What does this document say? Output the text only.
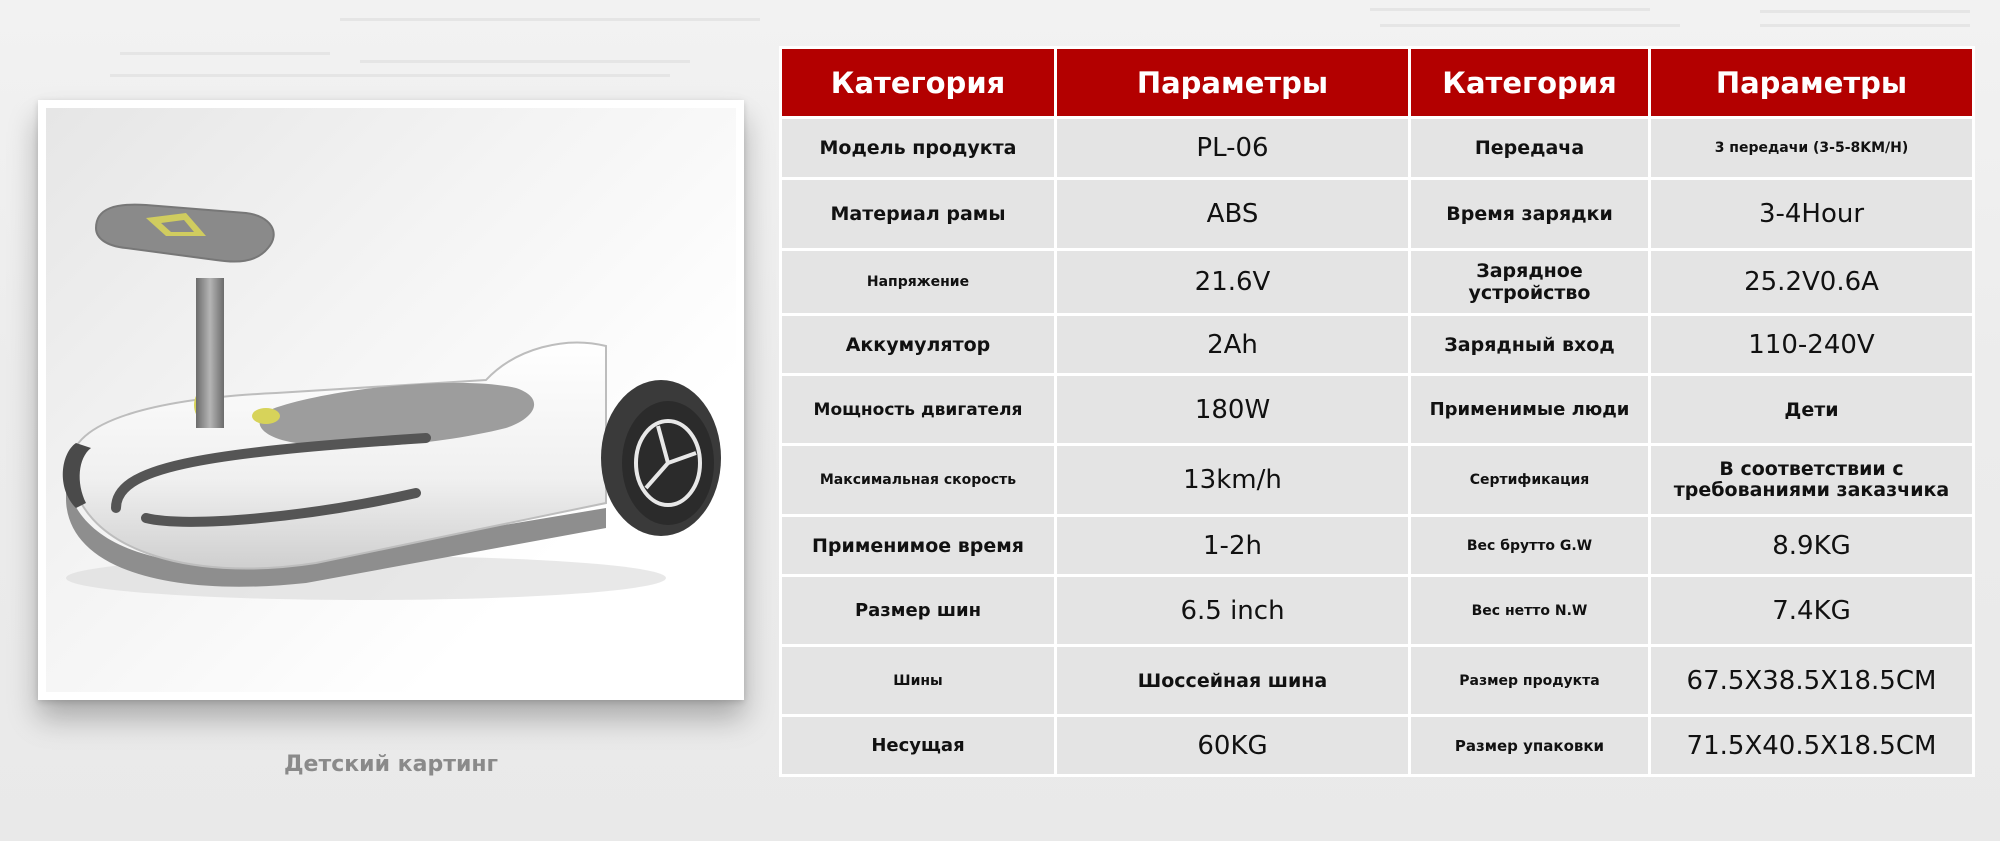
Детский картинг
Категория	Параметры	Категория	Параметры
Модель продукта	PL-06	Передача	3 передачи (3-5-8KM/H)
Материал рамы	ABS	Время зарядки	3-4Hour
Напряжение	21.6V	Зарядное устройство	25.2V0.6A
Аккумулятор	2Ah	Зарядный вход	110-240V
Мощность двигателя	180W	Применимые люди	Дети
Максимальная скорость	13km/h	Сертификация	В соответствии с требованиями заказчика
Применимое время	1-2h	Вес брутто G.W	8.9KG
Размер шин	6.5 inch	Вес нетто N.W	7.4KG
Шины	Шоссейная шина	Размер продукта	67.5X38.5X18.5CM
Несущая	60KG	Размер упаковки	71.5X40.5X18.5CM
